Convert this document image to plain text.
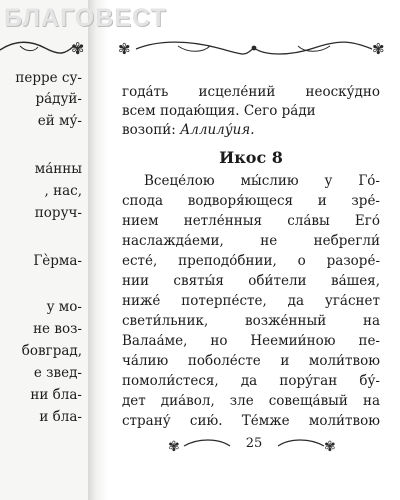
БЛАГОВЕСТ
✾
перре су-
ра́дуй-
ей му́-
ма́нны
, нас,
поруч-
Гѐрма-
у мо-
не воз-
бовград,
е звед-
ни бла-
и бла-
✾	✾
года́ть исцеле́ний неоску́дно
всем подаю́щия. Сего ра́ди
возопи́: Аллилу́ия.
Икос 8
Всеце́лою мы́слию у Го́-
спода водворя́ющеся и зре́-
нием нетле́нныя сла́вы Его́
наслажда́еми, не небрегли́
есте́, преподо́бнии, о разоре́-
нии святы́я оби́тели ва́шея,
ниже́ потерпе́сте, да уга́снет
свети́льник, возже́нный на
Валаа́ме, но Неемии́ною пе-
ча́лию поболе́сте и моли́твою
помоли́стеся, да пору́ган бу́-
дет диа́вол, зле совеща́вый на
страну́ сию́. Те́мже моли́твою
✾	✾
25
